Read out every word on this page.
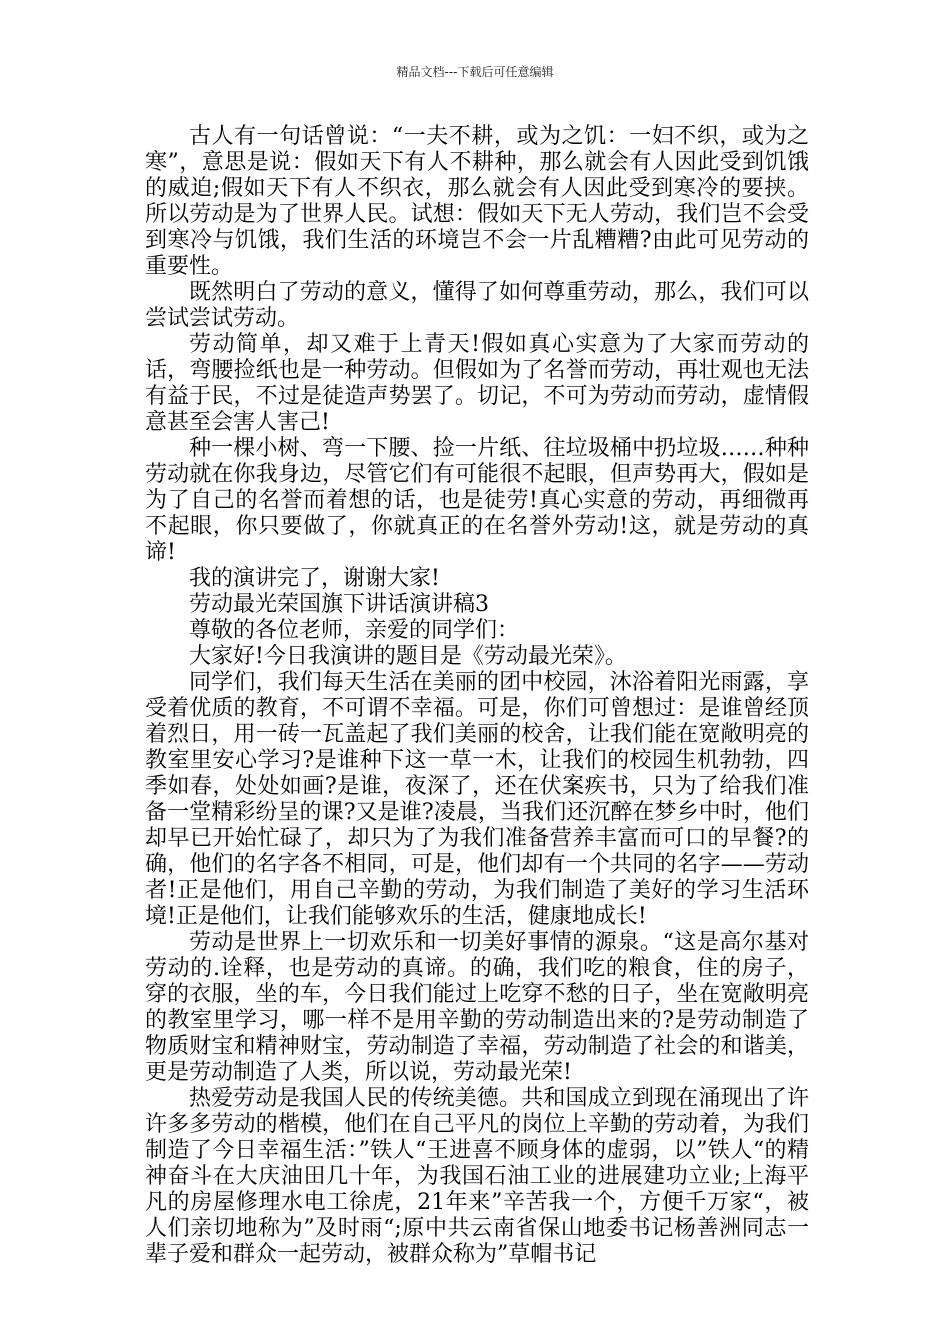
精品文档---下载后可任意编辑

古人有一句话曾说：“一夫不耕，或为之饥：一妇不织，或为之寒”，意思是说：假如天下有人不耕种，那么就会有人因此受到饥饿的威迫;假如天下有人不织衣，那么就会有人因此受到寒冷的要挟。所以劳动是为了世界人民。试想：假如天下无人劳动，我们岂不会受到寒冷与饥饿，我们生活的环境岂不会一片乱糟糟?由此可见劳动的重要性。

既然明白了劳动的意义，懂得了如何尊重劳动，那么，我们可以尝试尝试劳动。

劳动简单，却又难于上青天!假如真心实意为了大家而劳动的话，弯腰捡纸也是一种劳动。但假如为了名誉而劳动，再壮观也无法有益于民，不过是徒造声势罢了。切记，不可为劳动而劳动，虚情假意甚至会害人害己!

种一棵小树、弯一下腰、捡一片纸、往垃圾桶中扔垃圾……种种劳动就在你我身边，尽管它们有可能很不起眼，但声势再大，假如是为了自己的名誉而着想的话，也是徒劳!真心实意的劳动，再细微再不起眼，你只要做了，你就真正的在名誉外劳动!这，就是劳动的真谛!

我的演讲完了，谢谢大家!

劳动最光荣国旗下讲话演讲稿3

尊敬的各位老师，亲爱的同学们：

大家好!今日我演讲的题目是《劳动最光荣》。

同学们，我们每天生活在美丽的团中校园，沐浴着阳光雨露，享受着优质的教育，不可谓不幸福。可是，你们可曾想过：是谁曾经顶着烈日，用一砖一瓦盖起了我们美丽的校舍，让我们能在宽敞明亮的教室里安心学习?是谁种下这一草一木，让我们的校园生机勃勃，四季如春，处处如画?是谁，夜深了，还在伏案疾书，只为了给我们准备一堂精彩纷呈的课?又是谁?凌晨，当我们还沉醉在梦乡中时，他们却早已开始忙碌了，却只为了为我们准备营养丰富而可口的早餐?的确，他们的名字各不相同，可是，他们却有一个共同的名字——劳动者!正是他们，用自己辛勤的劳动，为我们制造了美好的学习生活环境!正是他们，让我们能够欢乐的生活，健康地成长!

劳动是世界上一切欢乐和一切美好事情的源泉。“这是高尔基对劳动的.诠释，也是劳动的真谛。的确，我们吃的粮食，住的房子，穿的衣服，坐的车，今日我们能过上吃穿不愁的日子，坐在宽敞明亮的教室里学习，哪一样不是用辛勤的劳动制造出来的?是劳动制造了物质财宝和精神财宝，劳动制造了幸福，劳动制造了社会的和谐美，更是劳动制造了人类，所以说，劳动最光荣!

热爱劳动是我国人民的传统美德。共和国成立到现在涌现出了许许多多劳动的楷模，他们在自己平凡的岗位上辛勤的劳动着，为我们制造了今日幸福生活：”铁人“王进喜不顾身体的虚弱，以”铁人“的精神奋斗在大庆油田几十年，为我国石油工业的进展建功立业;上海平凡的房屋修理水电工徐虎，21年来”辛苦我一个，方便千万家“，被人们亲切地称为”及时雨“;原中共云南省保山地委书记杨善洲同志一辈子爱和群众一起劳动，被群众称为”草帽书记
